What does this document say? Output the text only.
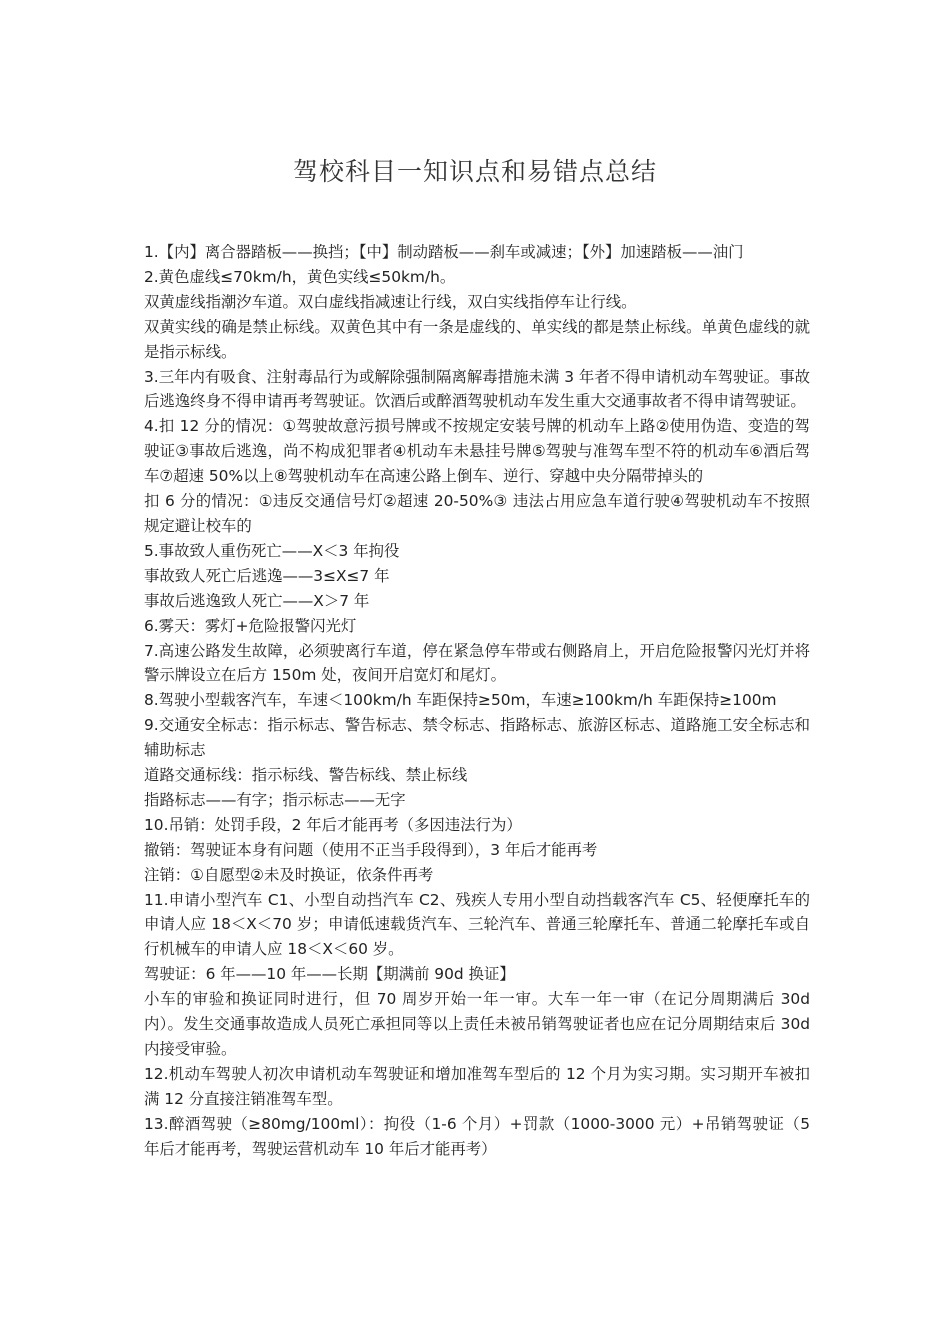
驾校科目一知识点和易错点总结

1.【内】离合器踏板——换挡；【中】制动踏板——刹车或减速；【外】加速踏板——油门

2.黄色虚线≤70km/h，黄色实线≤50km/h。

双黄虚线指潮汐车道。双白虚线指减速让行线，双白实线指停车让行线。

双黄实线的确是禁止标线。双黄色其中有一条是虚线的、单实线的都是禁止标线。单黄色虚线的就是指示标线。

3.三年内有吸食、注射毒品行为或解除强制隔离解毒措施未满 3 年者不得申请机动车驾驶证。事故后逃逸终身不得申请再考驾驶证。饮酒后或醉酒驾驶机动车发生重大交通事故者不得申请驾驶证。

4.扣 12 分的情况：①驾驶故意污损号牌或不按规定安装号牌的机动车上路②使用伪造、变造的驾驶证③事故后逃逸，尚不构成犯罪者④机动车未悬挂号牌⑤驾驶与准驾车型不符的机动车⑥酒后驾车⑦超速 50%以上⑧驾驶机动车在高速公路上倒车、逆行、穿越中央分隔带掉头的

扣 6 分的情况：①违反交通信号灯②超速 20-50%③ 违法占用应急车道行驶④驾驶机动车不按照规定避让校车的

5.事故致人重伤死亡——X＜3 年拘役

事故致人死亡后逃逸——3≤X≤7 年

事故后逃逸致人死亡——X＞7 年

6.雾天：雾灯+危险报警闪光灯

7.高速公路发生故障，必须驶离行车道，停在紧急停车带或右侧路肩上，开启危险报警闪光灯并将警示牌设立在后方 150m 处，夜间开启宽灯和尾灯。

8.驾驶小型载客汽车，车速＜100km/h 车距保持≥50m，车速≥100km/h 车距保持≥100m

9.交通安全标志：指示标志、警告标志、禁令标志、指路标志、旅游区标志、道路施工安全标志和辅助标志

道路交通标线：指示标线、警告标线、禁止标线

指路标志——有字；指示标志——无字

10.吊销：处罚手段，2 年后才能再考（多因违法行为）

撤销：驾驶证本身有问题（使用不正当手段得到），3 年后才能再考

注销：①自愿型②未及时换证，依条件再考

11.申请小型汽车 C1、小型自动挡汽车 C2、残疾人专用小型自动挡载客汽车 C5、轻便摩托车的申请人应 18＜X＜70 岁；申请低速载货汽车、三轮汽车、普通三轮摩托车、普通二轮摩托车或自行机械车的申请人应 18＜X＜60 岁。

驾驶证：6 年——10 年——长期【期满前 90d 换证】

小车的审验和换证同时进行，但 70 周岁开始一年一审。大车一年一审（在记分周期满后 30d 内）。发生交通事故造成人员死亡承担同等以上责任未被吊销驾驶证者也应在记分周期结束后 30d 内接受审验。

12.机动车驾驶人初次申请机动车驾驶证和增加准驾车型后的 12 个月为实习期。实习期开车被扣满 12 分直接注销准驾车型。

13.醉酒驾驶（≥80mg/100ml）：拘役（1-6 个月）+罚款（1000-3000 元）+吊销驾驶证（5 年后才能再考，驾驶运营机动车 10 年后才能再考）
